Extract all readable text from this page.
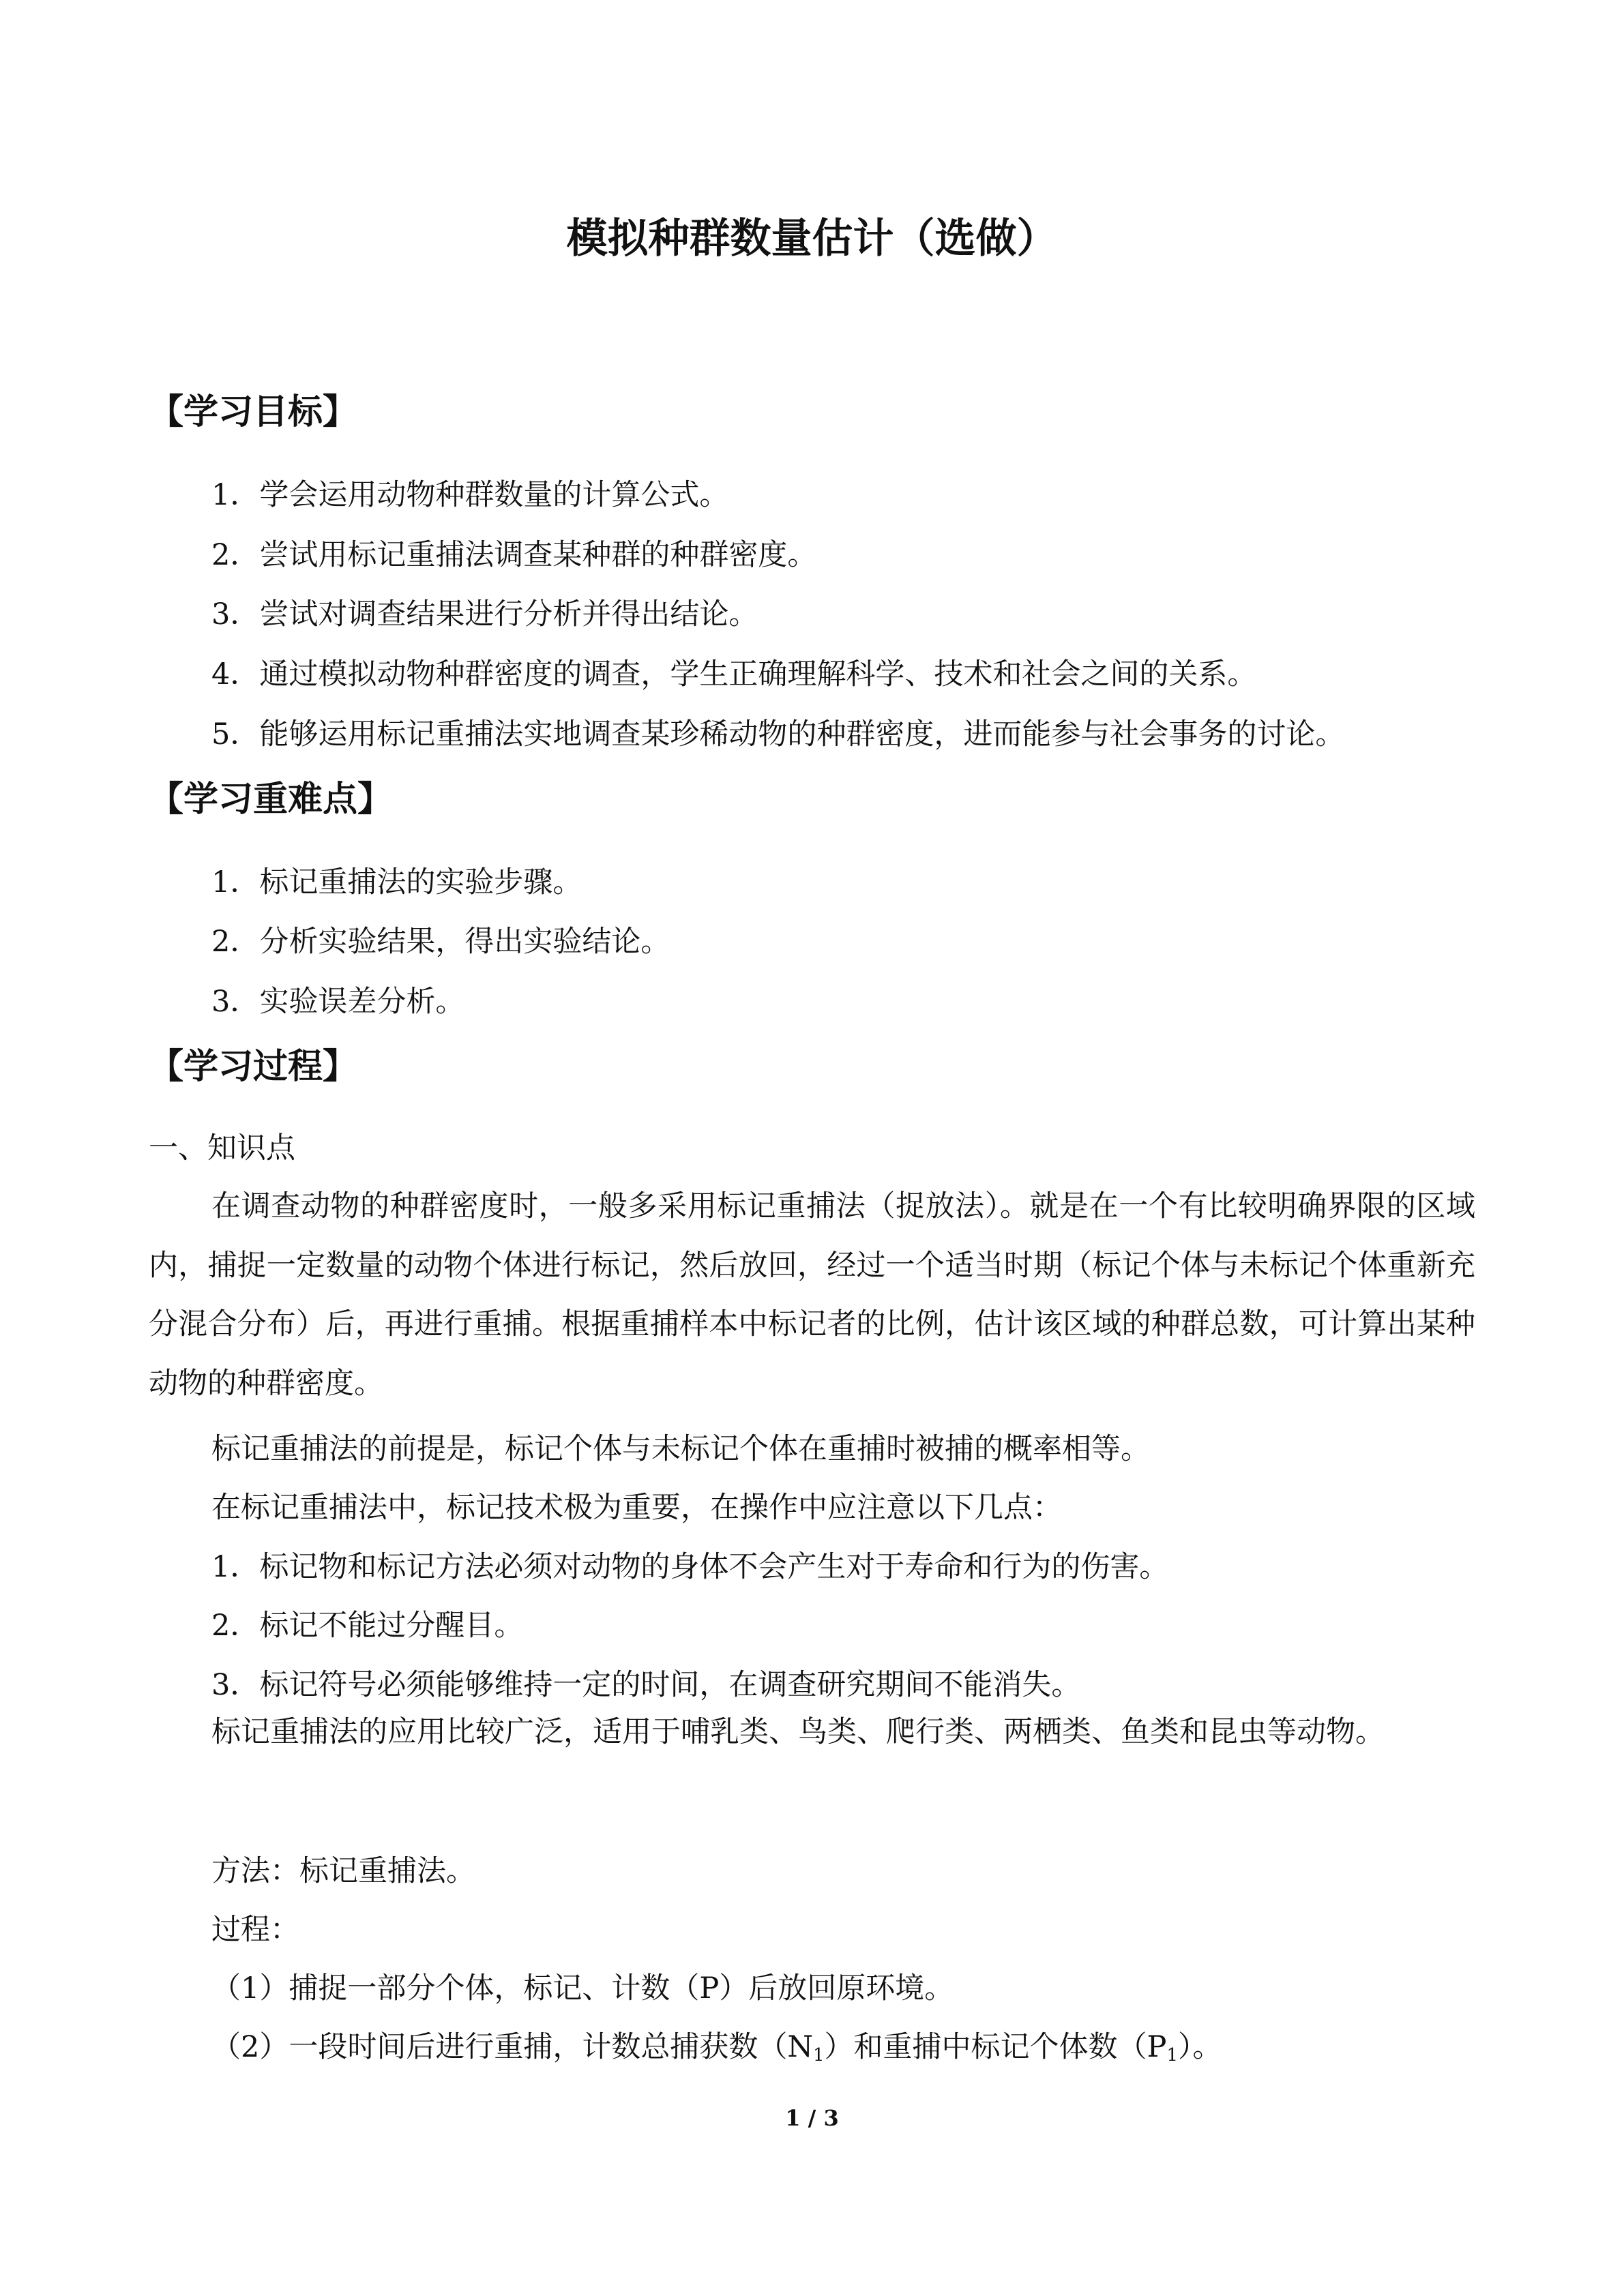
模拟种群数量估计（选做）
【学习目标】
1．学会运用动物种群数量的计算公式。
2．尝试用标记重捕法调查某种群的种群密度。
3．尝试对调查结果进行分析并得出结论。
4．通过模拟动物种群密度的调查，学生正确理解科学、技术和社会之间的关系。
5．能够运用标记重捕法实地调查某珍稀动物的种群密度，进而能参与社会事务的讨论。
【学习重难点】
1．标记重捕法的实验步骤。
2．分析实验结果，得出实验结论。
3．实验误差分析。
【学习过程】
一、知识点

在调查动物的种群密度时，一般多采用标记重捕法（捉放法）。就是在一个有比较明确界限的区域内，捕捉一定数量的动物个体进行标记，然后放回，经过一个适当时期（标记个体与未标记个体重新充分混合分布）后，再进行重捕。根据重捕样本中标记者的比例，估计该区域的种群总数，可计算出某种动物的种群密度。

标记重捕法的前提是，标记个体与未标记个体在重捕时被捕的概率相等。
在标记重捕法中，标记技术极为重要，在操作中应注意以下几点：
1．标记物和标记方法必须对动物的身体不会产生对于寿命和行为的伤害。
2．标记不能过分醒目。
3．标记符号必须能够维持一定的时间，在调查研究期间不能消失。

标记重捕法的应用比较广泛，适用于哺乳类、鸟类、爬行类、两栖类、鱼类和昆虫等动物。

方法：标记重捕法。
过程：
（1）捕捉一部分个体，标记、计数（P）后放回原环境。
（2）一段时间后进行重捕，计数总捕获数$(N_1)$和重捕中标记个体数$(P_1)$。
1 / 3
